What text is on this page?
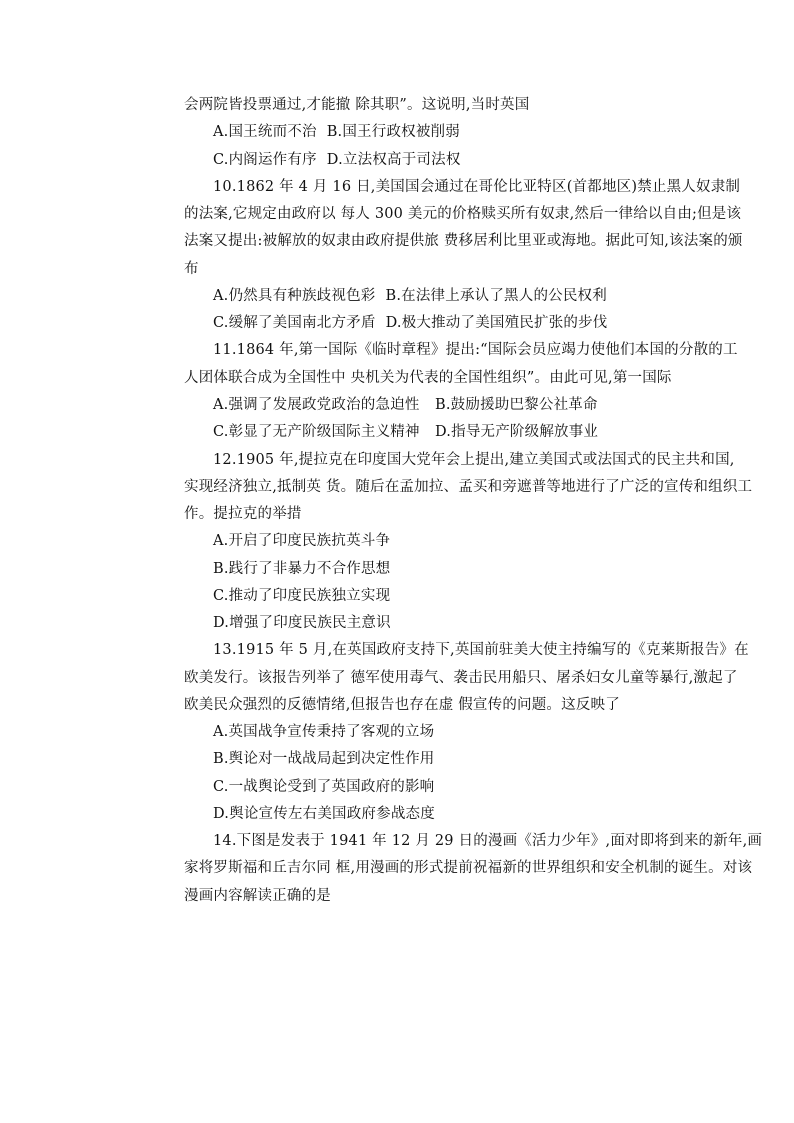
会两院皆投票通过,才能撤 除其职”。这说明,当时英国
A.国王统而不治 B.国王行政权被削弱
C.内阁运作有序 D.立法权高于司法权
10.1862 年 4 月 16 日,美国国会通过在哥伦比亚特区(首都地区)禁止黑人奴隶制
的法案,它规定由政府以 每人 300 美元的价格赎买所有奴隶,然后一律给以自由;但是该
法案又提出:被解放的奴隶由政府提供旅 费移居利比里亚或海地。据此可知,该法案的颁
布
A.仍然具有种族歧视色彩 B.在法律上承认了黑人的公民权利
C.缓解了美国南北方矛盾 D.极大推动了美国殖民扩张的步伐
11.1864 年,第一国际《临时章程》提出:“国际会员应竭力使他们本国的分散的工
人团体联合成为全国性中 央机关为代表的全国性组织”。由此可见,第一国际
A.强调了发展政党政治的急迫性 B.鼓励援助巴黎公社革命
C.彰显了无产阶级国际主义精神 D.指导无产阶级解放事业
12.1905 年,提拉克在印度国大党年会上提出,建立美国式或法国式的民主共和国,
实现经济独立,抵制英 货。随后在孟加拉、孟买和旁遮普等地进行了广泛的宣传和组织工
作。提拉克的举措
A.开启了印度民族抗英斗争
B.践行了非暴力不合作思想
C.推动了印度民族独立实现
D.增强了印度民族民主意识
13.1915 年 5 月,在英国政府支持下,英国前驻美大使主持编写的《克莱斯报告》在
欧美发行。该报告列举了 德军使用毒气、袭击民用船只、屠杀妇女儿童等暴行,激起了
欧美民众强烈的反德情绪,但报告也存在虚 假宣传的问题。这反映了
A.英国战争宣传秉持了客观的立场
B.舆论对一战战局起到决定性作用
C.一战舆论受到了英国政府的影响
D.舆论宣传左右美国政府参战态度
14.下图是发表于 1941 年 12 月 29 日的漫画《活力少年》,面对即将到来的新年,画
家将罗斯福和丘吉尔同 框,用漫画的形式提前祝福新的世界组织和安全机制的诞生。对该
漫画内容解读正确的是
